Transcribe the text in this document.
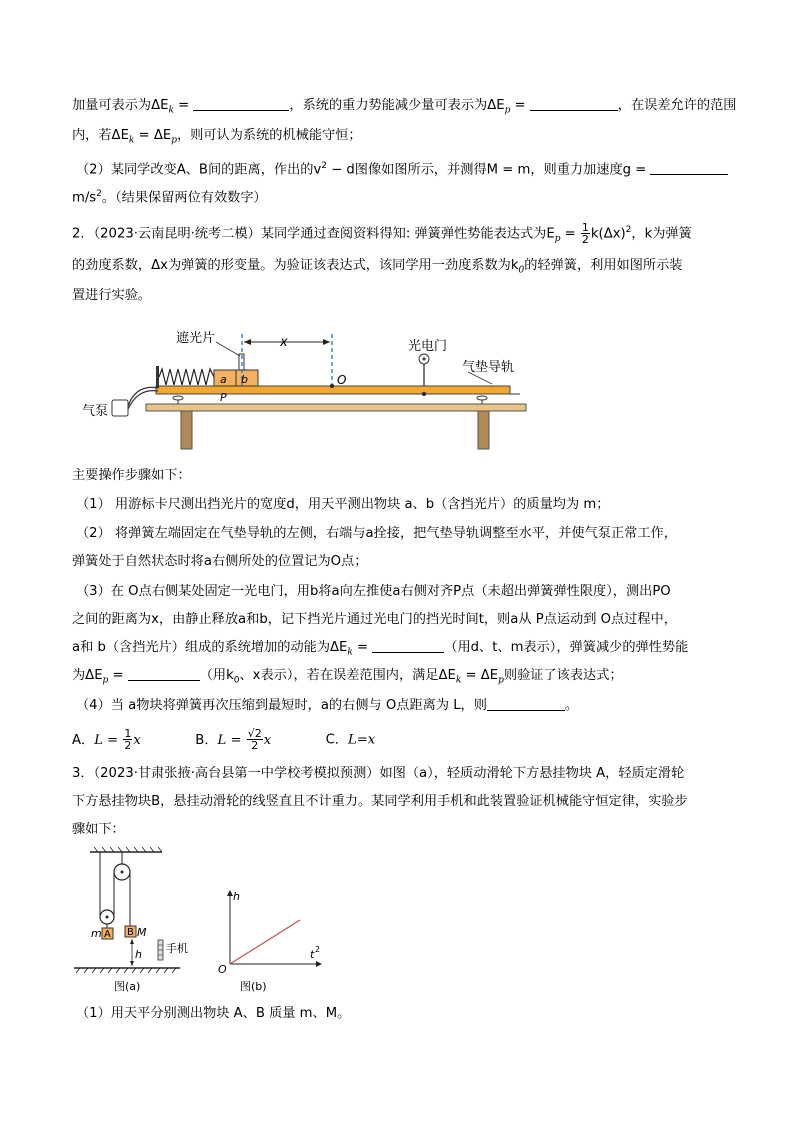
加量可表示为$\Delta E_k$ =	，系统的重力势能减少量可表示为$\Delta E_p$ =	，在误差允许的范围
内，若$\Delta E_k = \Delta E_p$，则可认为系统的机械能守恒；
（2）某同学改变A、B间的距离，作出的$v^2 - d$图像如图所示，并测得M = m，则重力加速度g =
$m/s^2$。（结果保留两位有效数字）
2．（2023·云南昆明·统考二模）某同学通过查阅资料得知: 弹簧弹性势能表达式为$E_p = \frac{1}{2} k(\Delta x)^2$，k为弹簧
的劲度系数，Δx为弹簧的形变量。为验证该表达式，该同学用一劲度系数为$k_0$的轻弹簧，利用如图所示装
置进行实验。
遮光片	x	光电门
气垫导轨
气泵
a b
P
O
主要操作步骤如下：
（1） 用游标卡尺测出挡光片的宽度d，用天平测出物块 a、b（含挡光片）的质量均为 m；
（2） 将弹簧左端固定在气垫导轨的左侧，右端与a拴接，把气垫导轨调整至水平，并使气泵正常工作，
弹簧处于自然状态时将a右侧所处的位置记为O点；
（3）在 O点右侧某处固定一光电门，用b将a向左推使a右侧对齐P点（未超出弹簧弹性限度），测出PO
之间的距离为x，由静止释放a和b，记下挡光片通过光电门的挡光时间t，则a从 P点运动到 O点过程中，
a和 b（含挡光片）组成的系统增加的动能为$\Delta E_k$ =	（用d、t、m表示），弹簧减少的弹性势能
为$\Delta E_p$ =	（用$k_0$、x表示），若在误差范围内，满足$\Delta E_k = \Delta E_p$则验证了该表达式；
（4）当 a物块将弹簧再次压缩到最短时，a的右侧与 O点距离为 L，则	。
A．$L = \frac{1}{2}$ x	B．$L = \frac{√2}{2}$ x	C．L=x
3．（2023·甘肃张掖·高台县第一中学校考模拟预测）如图（a），轻质动滑轮下方悬挂物块 A，轻质定滑轮
下方悬挂物块B，悬挂动滑轮的线竖直且不计重力。某同学利用手机和此装置验证机械能守恒定律，实验步
骤如下：
m A B M
h 手机
图(a)
h
t 2
O
图(b)
（1）用天平分别测出物块 A、B 质量 m、M。
